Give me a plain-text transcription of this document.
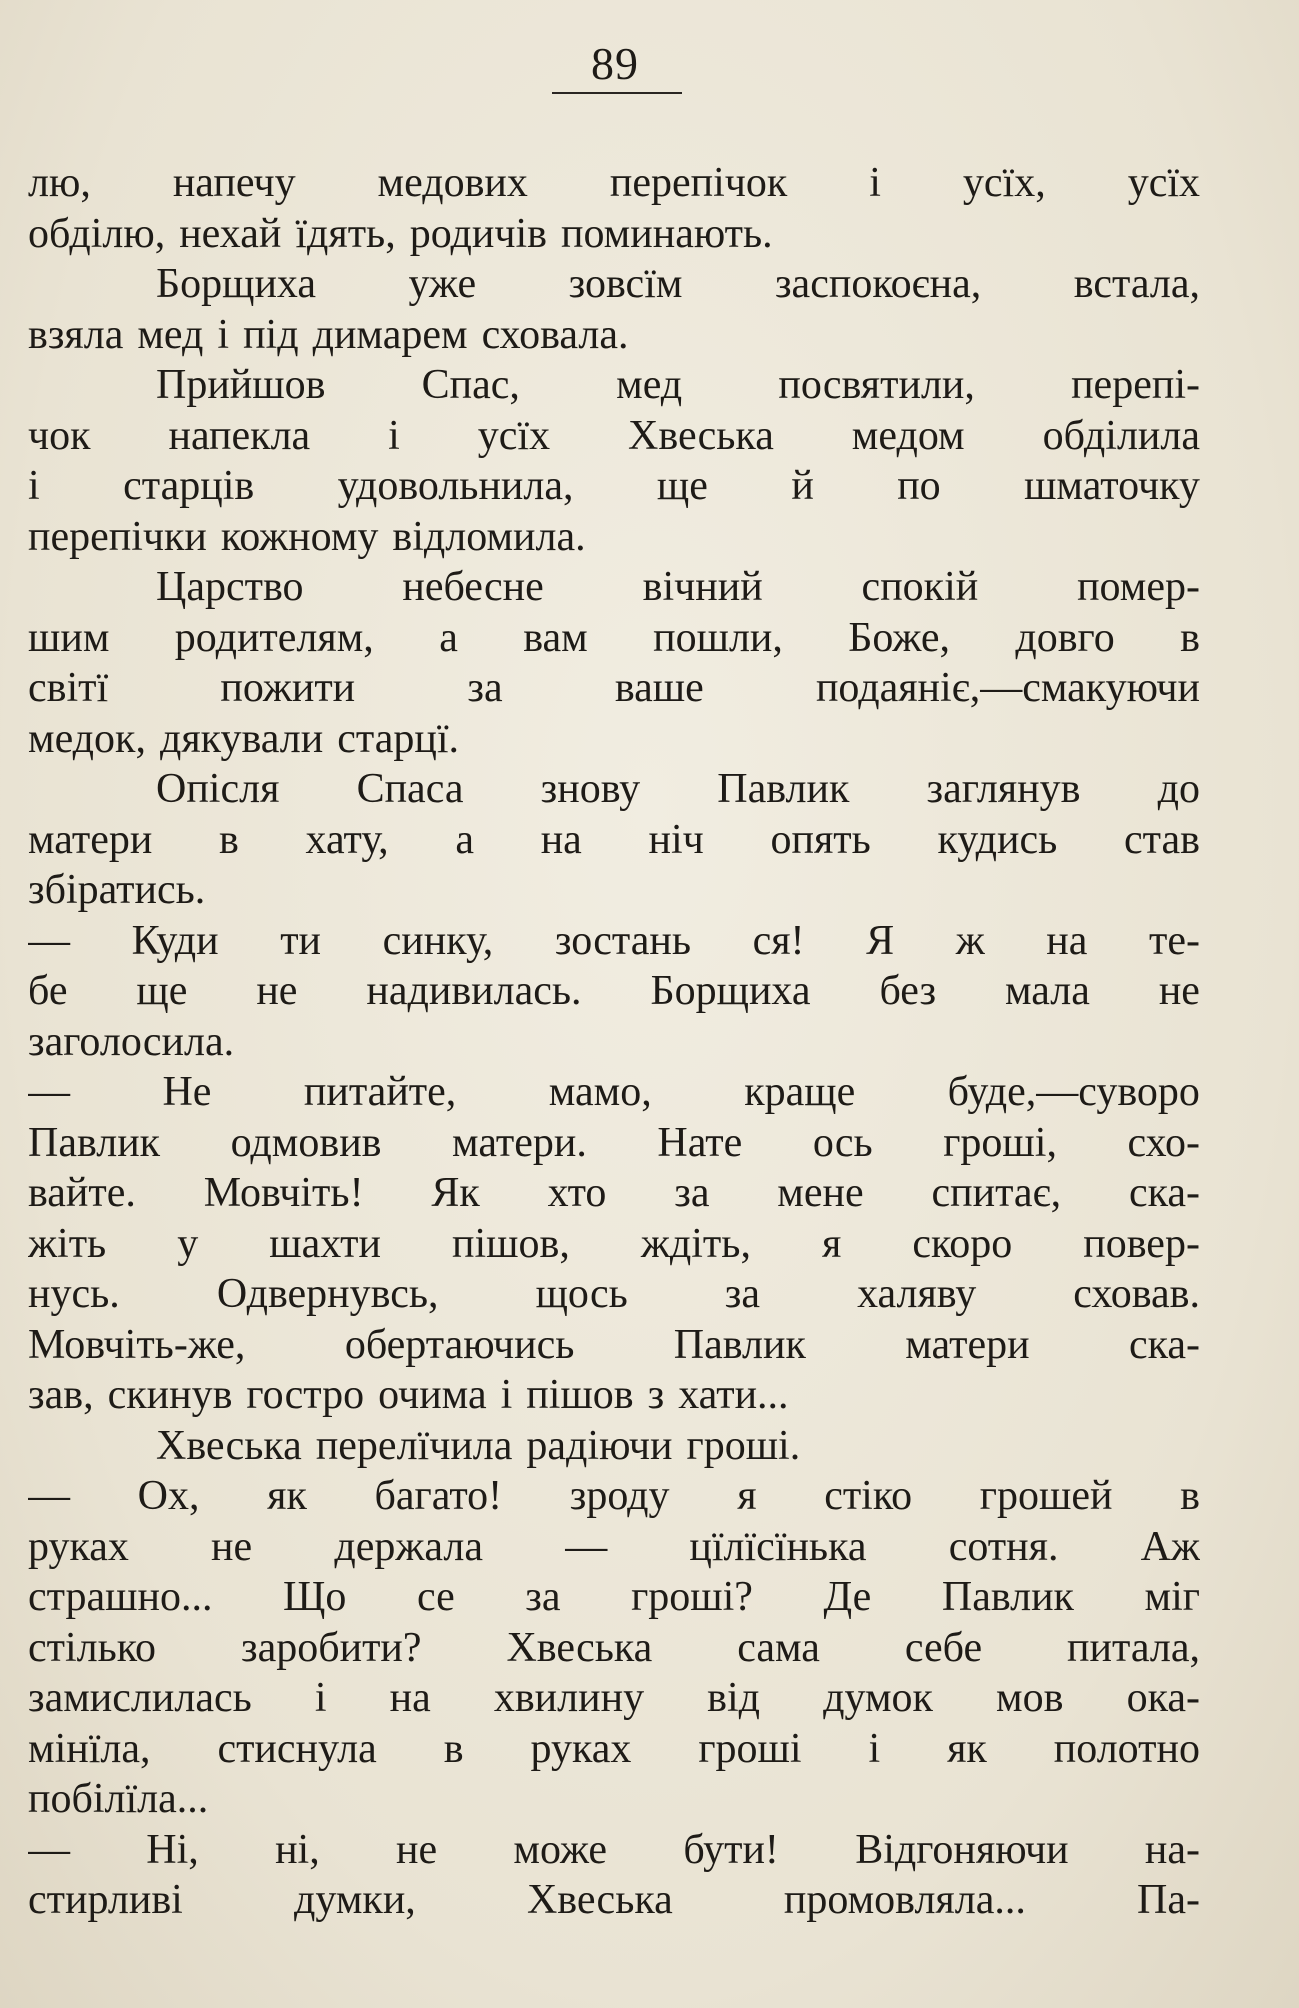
89
лю, напечу медових перепічок і усїх, усїх
обділю, нехай їдять, родичів поминають.
Борщиха уже зовсїм заспокоєна, встала,
взяла мед і під димарем сховала.
Прийшов Спас, мед посвятили, перепі-
чок напекла і усїх Хвеська медом обділила
і старців удовольнила, ще й по шматочку
перепічки кожному відломила.
Царство небесне вічний спокій помер-
шим родителям, а вам пошли, Боже, довго в
світї	пожити	за	ваше	подаяніє,—смакуючи
медок, дякували старцї.
Опісля Спаса знову Павлик заглянув до
матери в хату, а на ніч опять кудись став
збіратись.
— Куди ти синку, зостань ся! Я ж на те-
бе ще не надивилась. Борщиха без мала не
заголосила.
— Не питайте, мамо, краще буде,—суворо
Павлик одмовив матери. Нате ось гроші, схо-
вайте. Мовчіть! Як хто за мене спитає, ска-
жіть у шахти пішов, ждіть, я скоро повер-
нусь. Одвернувсь, щось за халяву сховав.
Мовчіть-же, обертаючись Павлик матери ска-
зав, скинув гостро очима і пішов з хати...
Хвеська перелїчила радіючи гроші.
— Ох, як багато! зроду я стіко грошей в
руках не держала — цїлїсїнька сотня. Аж
страшно... Що се за гроші? Де Павлик міг
стілько заробити? Хвеська сама себе питала,
замислилась і на хвилину від думок мов ока-
мінїла, стиснула в руках гроші і як полотно
побілїла...
— Ні, ні, не може бути! Відгоняючи на-
стирливі	думки,	Хвеська	промовляла...	Па-
